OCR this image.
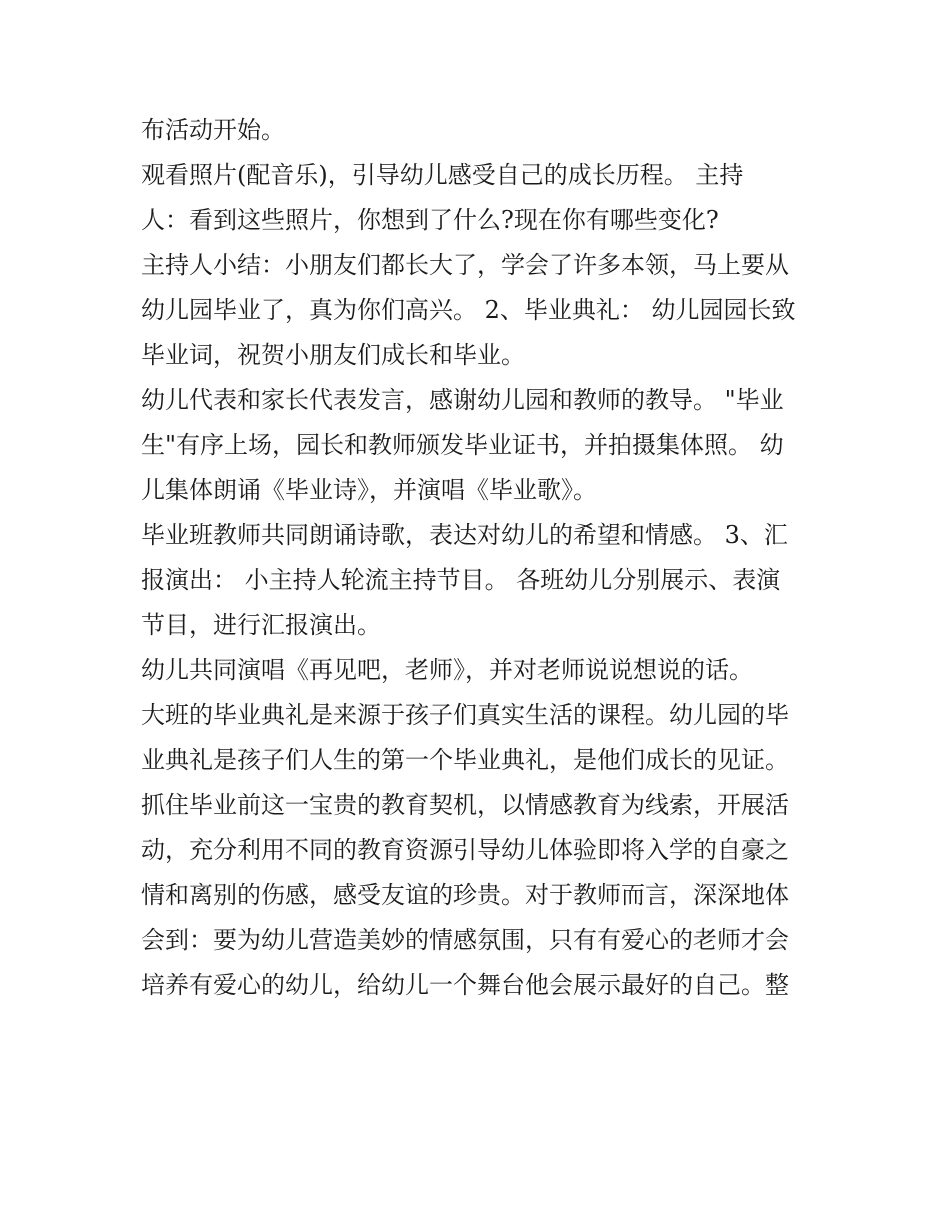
布活动开始。
观看照片(配音乐)，引导幼儿感受自己的成长历程。 主持
人：看到这些照片，你想到了什么?现在你有哪些变化?
主持人小结：小朋友们都长大了，学会了许多本领，马上要从
幼儿园毕业了，真为你们高兴。 2、毕业典礼： 幼儿园园长致
毕业词，祝贺小朋友们成长和毕业。
幼儿代表和家长代表发言，感谢幼儿园和教师的教导。 "毕业
生"有序上场，园长和教师颁发毕业证书，并拍摄集体照。 幼
儿集体朗诵《毕业诗》，并演唱《毕业歌》。
毕业班教师共同朗诵诗歌，表达对幼儿的希望和情感。 3、汇
报演出： 小主持人轮流主持节目。 各班幼儿分别展示、表演
节目，进行汇报演出。
幼儿共同演唱《再见吧，老师》，并对老师说说想说的话。
大班的毕业典礼是来源于孩子们真实生活的课程。幼儿园的毕
业典礼是孩子们人生的第一个毕业典礼，是他们成长的见证。
抓住毕业前这一宝贵的教育契机，以情感教育为线索，开展活
动，充分利用不同的教育资源引导幼儿体验即将入学的自豪之
情和离别的伤感，感受友谊的珍贵。对于教师而言，深深地体
会到：要为幼儿营造美妙的情感氛围，只有有爱心的老师才会
培养有爱心的幼儿，给幼儿一个舞台他会展示最好的自己。整
